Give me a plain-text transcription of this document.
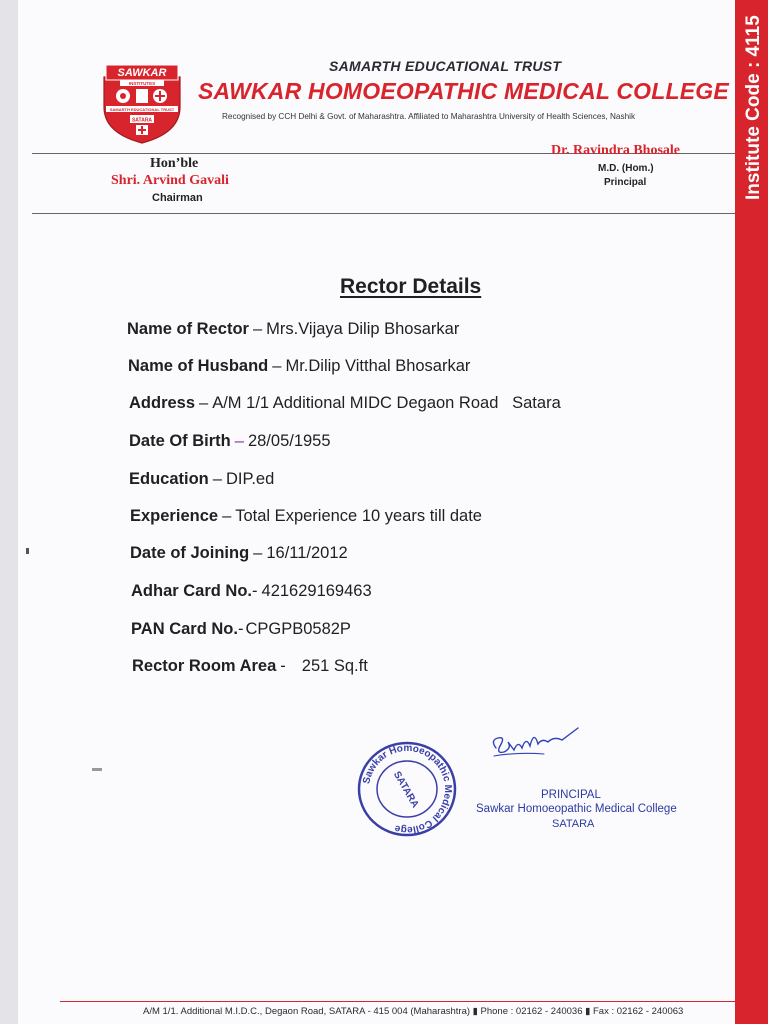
Institute Code : 4115
SAWKAR
INSTITUTES
SAMARTH EDUCATIONAL TRUST
SATARA
SAMARTH EDUCATIONAL TRUST
SAWKAR HOMOEOPATHIC MEDICAL COLLEGE
Recognised by CCH Delhi & Govt. of Maharashtra. Affiliated to Maharashtra University of Health Sciences, Nashik
Hon’ble
Shri. Arvind Gavali
Chairman
Dr. Ravindra Bhosale
M.D. (Hom.)
Principal
Rector Details
Name of Rector – Mrs.Vijaya Dilip Bhosarkar
Name of Husband – Mr.Dilip Vitthal Bhosarkar
Address – A/M 1/1 Additional MIDC Degaon Road   Satara
Date Of Birth – 28/05/1955
Education – DIP.ed
Experience – Total Experience 10 years till date
Date of Joining – 16/11/2012
Adhar Card No.- 421629169463
PAN Card No.- CPGPB0582P
Rector Room Area - 251 Sq.ft
Sawkar Homoeopathic Medical College
SATARA	PRINCIPAL
Sawkar Homoeopathic Medical College
SATARA
A/M 1/1. Additional M.I.D.C., Degaon Road, SATARA - 415 004 (Maharashtra) ▮ Phone : 02162 - 240036 ▮ Fax : 02162 - 240063
